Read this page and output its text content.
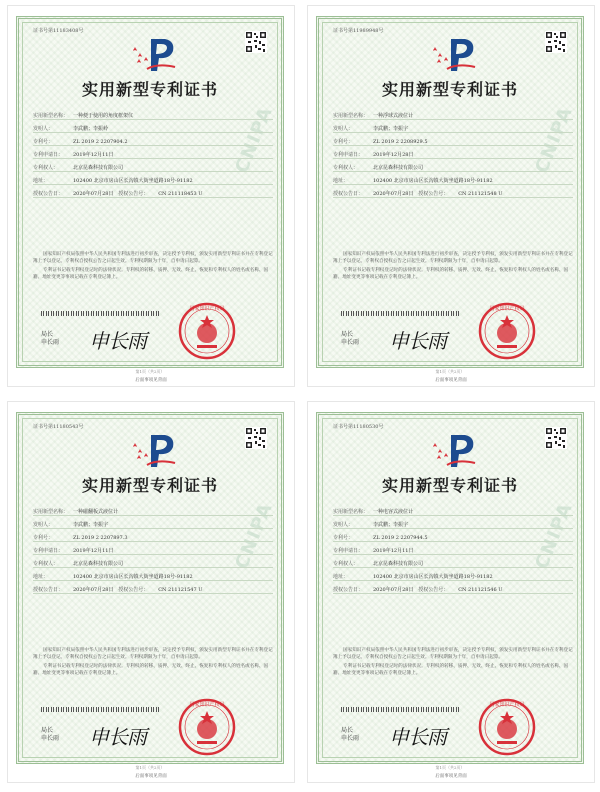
证书号第11183408号
实用新型专利证书
CNIPA
实用新型名称： 一种便于使用的角度框架仪
发明人：	李武鹏；李振岭
专利号：	ZL 2019 2 2207904.2
专利申请日： 2019年12月11日
专利权人：	北京昆森科技有限公司
地址：	102400 北京市房山区长沟镇大街坐道路18号-91182
授权公告日： 2020年07月28日 授权公告号： CN 211118453 U

国家知识产权局依照中华人民共和国专利法进行初步审查，决定授予专利权，颁发实用新型专利证书并在专利登记簿上予以登记。专利权自授权公告之日起生效。专利权期限为十年，自申请日起算。

专利证书记载专利权登记时的法律状况。专利权的转移、质押、无效、终止、恢复和专利权人的姓名或名称、国籍、地址变更等事项记载在专利登记簿上。

局长
申长雨 申长雨
国家知识产权局
第1页（共2页）
后面事项见背面
证书号第11989948号
实用新型专利证书
CNIPA
实用新型名称： 一种浮球式液位计
发明人：	李武鹏；李振宇
专利号：	ZL 2019 2 2208929.5
专利申请日： 2019年12月28日
专利权人：	北京昆森科技有限公司
地址：	102400 北京市房山区长沟镇大街坐道路18号-91182
授权公告日： 2020年07月28日 授权公告号： CN 211121548 U

国家知识产权局依照中华人民共和国专利法进行初步审查，决定授予专利权，颁发实用新型专利证书并在专利登记簿上予以登记。专利权自授权公告之日起生效。专利权期限为十年，自申请日起算。

专利证书记载专利权登记时的法律状况。专利权的转移、质押、无效、终止、恢复和专利权人的姓名或名称、国籍、地址变更等事项记载在专利登记簿上。

局长
申长雨 申长雨
国家知识产权局
第1页（共2页）
后面事项见背面
证书号第11180543号
实用新型专利证书
CNIPA
实用新型名称： 一种磁翻板式液位计
发明人：	李武鹏；李振宇
专利号：	ZL 2019 2 2207897.3
专利申请日： 2019年12月11日
专利权人：	北京昆森科技有限公司
地址：	102400 北京市房山区长沟镇大街坐道路18号-91182
授权公告日： 2020年07月28日 授权公告号： CN 211121547 U

国家知识产权局依照中华人民共和国专利法进行初步审查，决定授予专利权，颁发实用新型专利证书并在专利登记簿上予以登记。专利权自授权公告之日起生效。专利权期限为十年，自申请日起算。

专利证书记载专利权登记时的法律状况。专利权的转移、质押、无效、终止、恢复和专利权人的姓名或名称、国籍、地址变更等事项记载在专利登记簿上。

局长
申长雨 申长雨
国家知识产权局
第1页（共2页）
后面事项见背面
证书号第11180530号
实用新型专利证书
CNIPA
实用新型名称： 一种电容式液位计
发明人：	李武鹏；李振宇
专利号：	ZL 2019 2 2207944.5
专利申请日： 2019年12月11日
专利权人：	北京昆森科技有限公司
地址：	102400 北京市房山区长沟镇大街坐道路18号-91182
授权公告日： 2020年07月28日 授权公告号： CN 211121546 U

国家知识产权局依照中华人民共和国专利法进行初步审查，决定授予专利权，颁发实用新型专利证书并在专利登记簿上予以登记。专利权自授权公告之日起生效。专利权期限为十年，自申请日起算。

专利证书记载专利权登记时的法律状况。专利权的转移、质押、无效、终止、恢复和专利权人的姓名或名称、国籍、地址变更等事项记载在专利登记簿上。

局长
申长雨 申长雨
国家知识产权局
第1页（共2页）
后面事项见背面
